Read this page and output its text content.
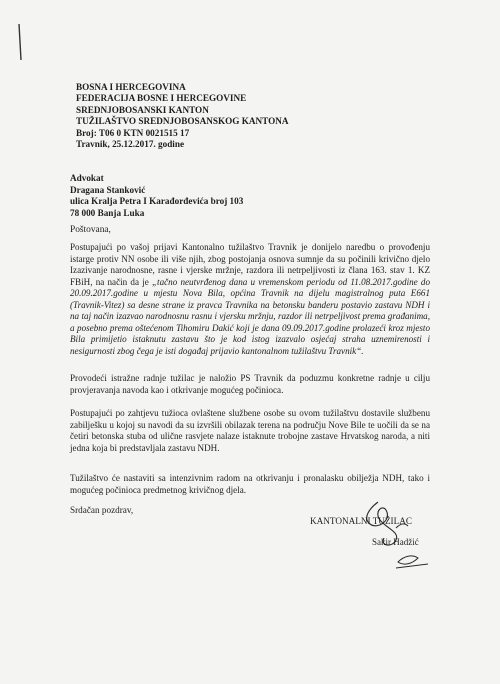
BOSNA I HERCEGOVINA
FEDERACIJA BOSNE I HERCEGOVINE
SREDNJOBOSANSKI KANTON
TUŽILAŠTVO SREDNJOBOSANSKOG KANTONA
Broj: T06 0 KTN 0021515 17
Travnik, 25.12.2017. godine
Advokat
Dragana Stanković
ulica Kralja Petra I Karađorđevića broj 103
78 000 Banja Luka
Poštovana,

Postupajući po vašoj prijavi Kantonalno tužilaštvo Travnik je donijelo naredbu o provođenju istarge protiv NN osobe ili više njih, zbog postojanja osnova sumnje da su počinili krivično djelo Izazivanje narodnosne, rasne i vjerske mržnje, razdora ili netrpeljivosti iz člana 163. stav 1. KZ FBiH, na način da je „tačno neutvrđenog dana u vremenskom periodu od 11.08.2017.godine do 20.09.2017.godine u mjestu Nova Bila, općina Travnik na dijelu magistralnog puta E661 (Travnik-Vitez) sa desne strane iz pravca Travnika na betonsku banderu postavio zastavu NDH i na taj način izazvao narodnosnu rasnu i vjersku mržnju, razdor ili netrpeljivost prema građanima, a posebno prema oštećenom Tihomiru Dakić koji je dana 09.09.2017.godine prolazeći kroz mjesto Bila primijetio istaknutu zastavu što je kod istog izazvalo osjećaj straha uznemirenosti i nesigurnosti zbog čega je isti događaj prijavio kantonalnom tužilaštvu Travnik“.

Provodeći istražne radnje tužilac je naložio PS Travnik da poduzmu konkretne radnje u cilju provjeravanja navoda kao i otkrivanje mogućeg počinioca.

Postupajući po zahtjevu tužioca ovlaštene službene osobe su ovom tužilaštvu dostavile službenu zabilješku u kojoj su navodi da su izvršili obilazak terena na području Nove Bile te uočili da se na četiri betonska stuba od ulične rasvjete nalaze istaknute trobojne zastave Hrvatskog naroda, a niti jedna koja bi predstavljala zastavu NDH.

Tužilaštvo će nastaviti sa intenzivnim radom na otkrivanju i pronalasku obilježja NDH, tako i mogućeg počinioca predmetnog krivičnog djela.

Srdačan pozdrav,
KANTONALNI TUŽILAC
Sakir Hadžić
